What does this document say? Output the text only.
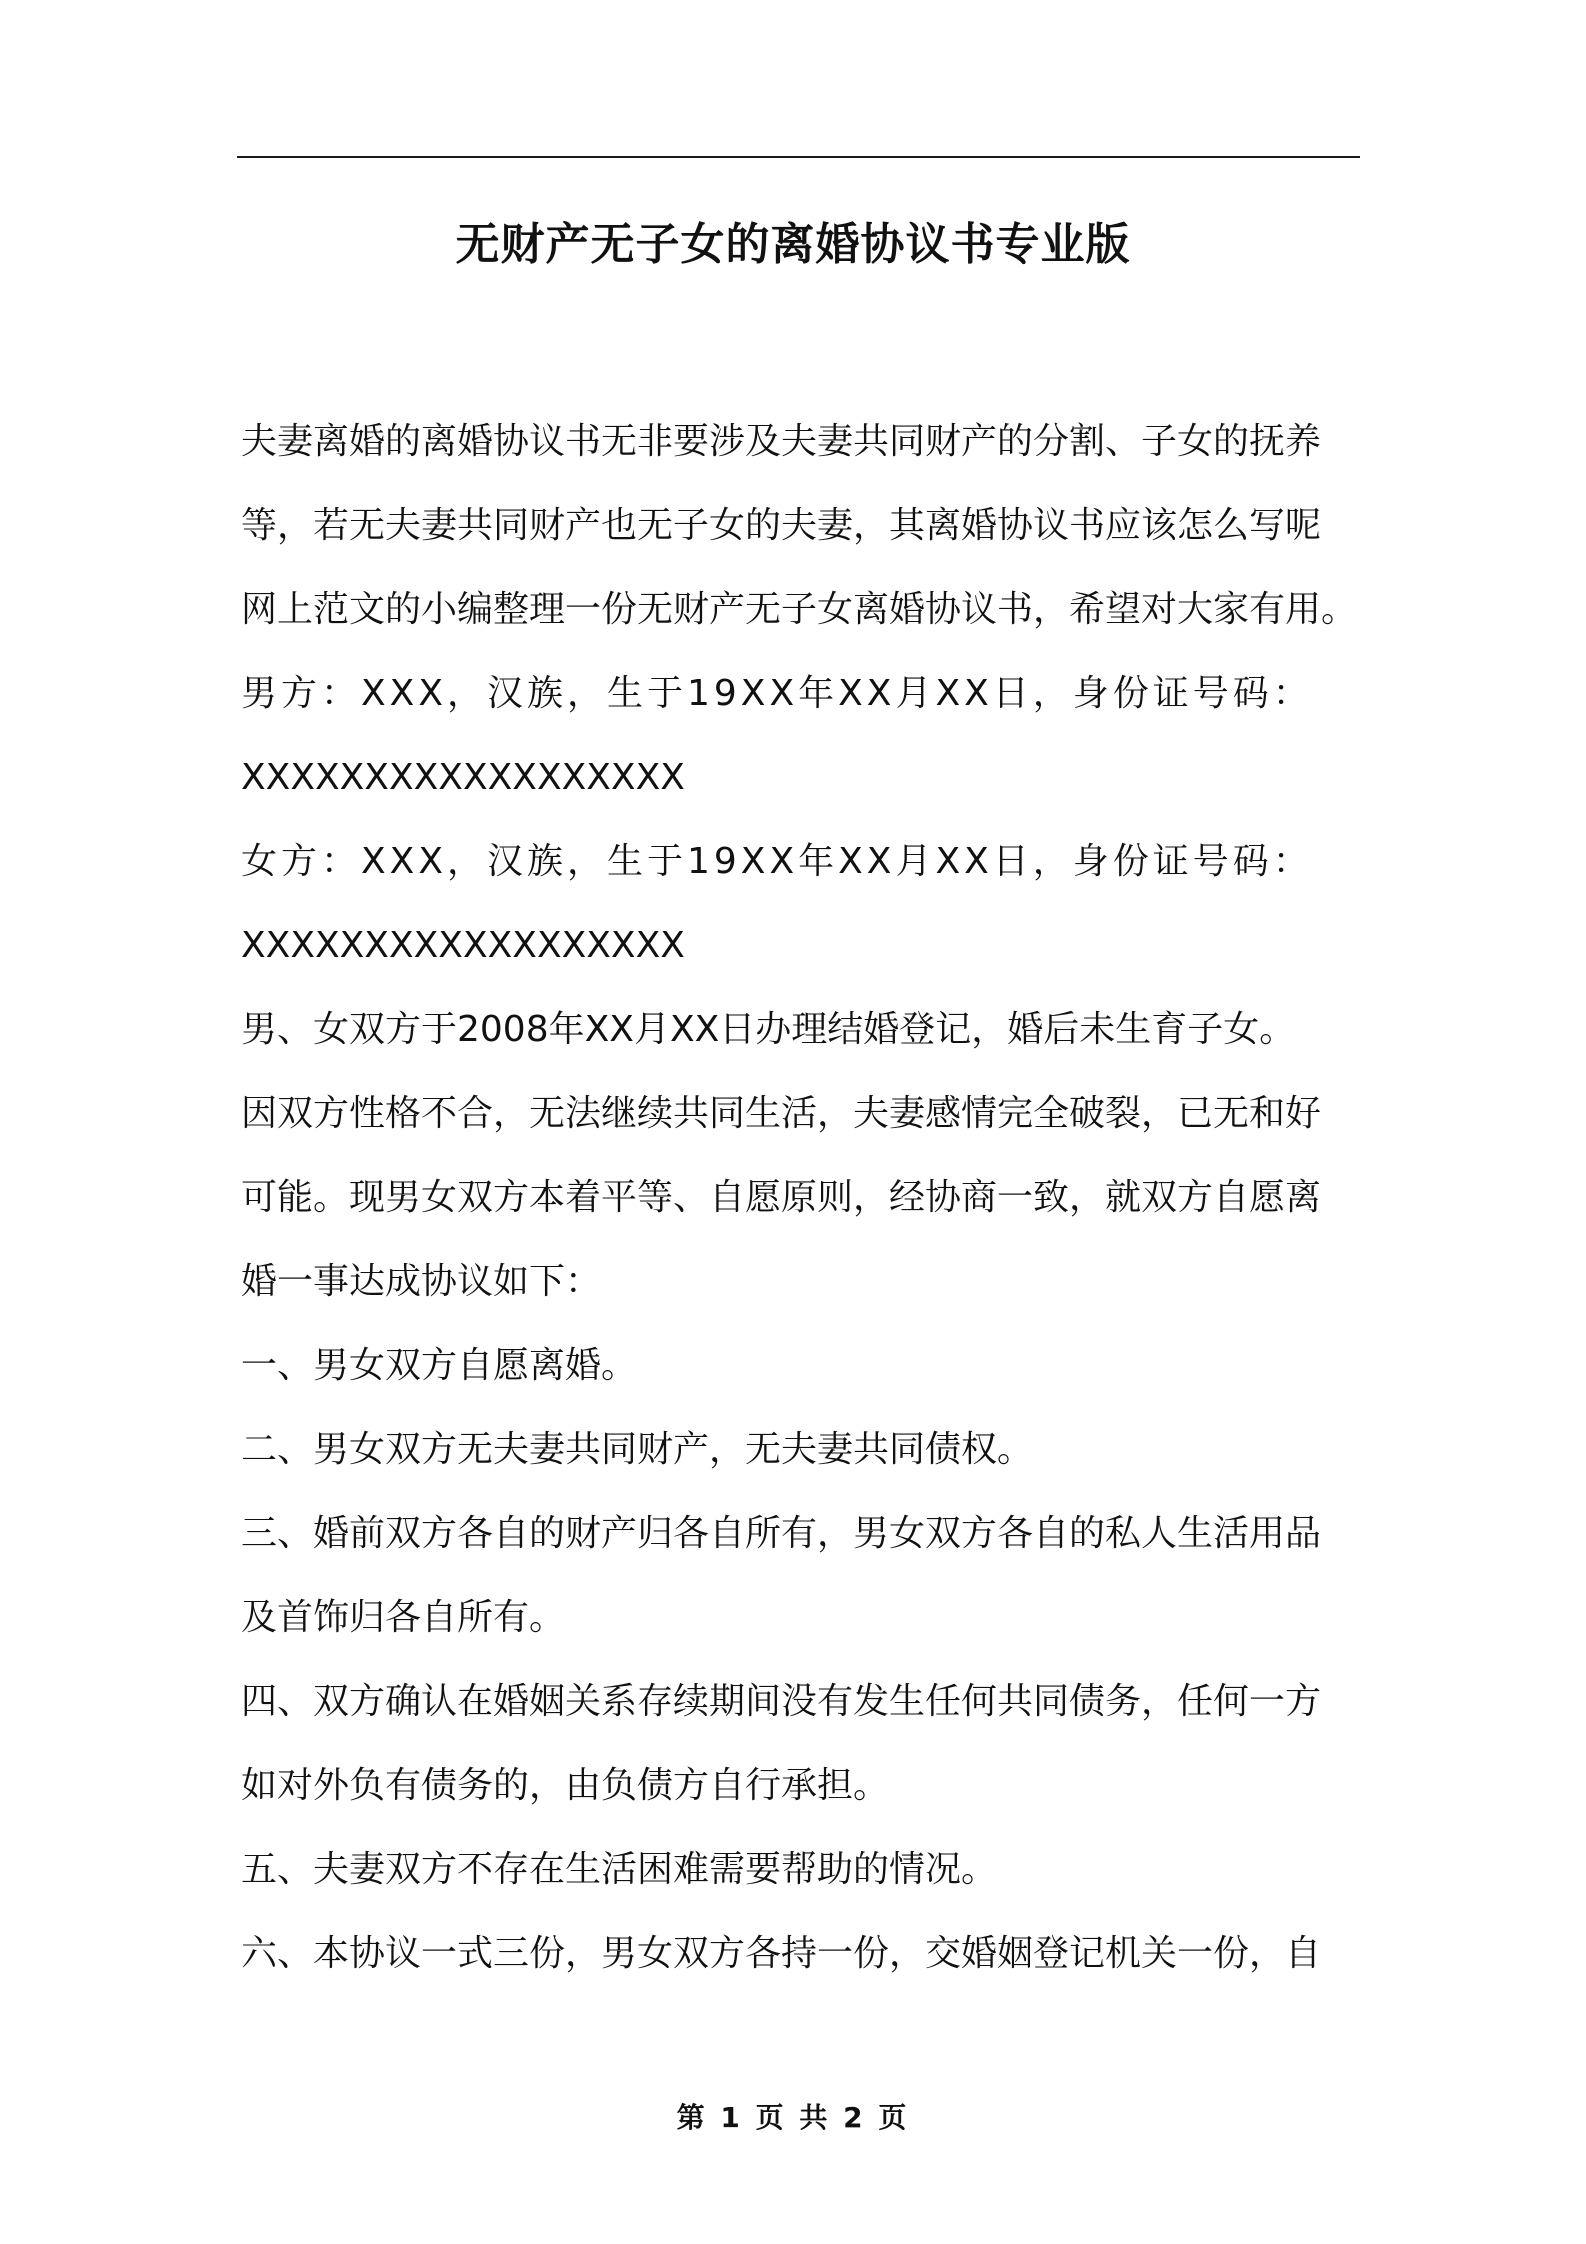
无财产无子女的离婚协议书专业版
夫妻离婚的离婚协议书无非要涉及夫妻共同财产的分割、子女的抚养
等，若无夫妻共同财产也无子女的夫妻，其离婚协议书应该怎么写呢
网上范文的小编整理一份无财产无子女离婚协议书，希望对大家有用。
男方：XXX，汉族，生于19XX年XX月XX日，身份证号码：
XXXXXXXXXXXXXXXXXX
女方：XXX，汉族，生于19XX年XX月XX日，身份证号码：
XXXXXXXXXXXXXXXXXX
男、女双方于2008年XX月XX日办理结婚登记，婚后未生育子女。
因双方性格不合，无法继续共同生活，夫妻感情完全破裂，已无和好
可能。现男女双方本着平等、自愿原则，经协商一致，就双方自愿离
婚一事达成协议如下：
一、男女双方自愿离婚。
二、男女双方无夫妻共同财产，无夫妻共同债权。
三、婚前双方各自的财产归各自所有，男女双方各自的私人生活用品
及首饰归各自所有。
四、双方确认在婚姻关系存续期间没有发生任何共同债务，任何一方
如对外负有债务的，由负债方自行承担。
五、夫妻双方不存在生活困难需要帮助的情况。
六、本协议一式三份，男女双方各持一份，交婚姻登记机关一份，自
第 1 页 共 2 页
